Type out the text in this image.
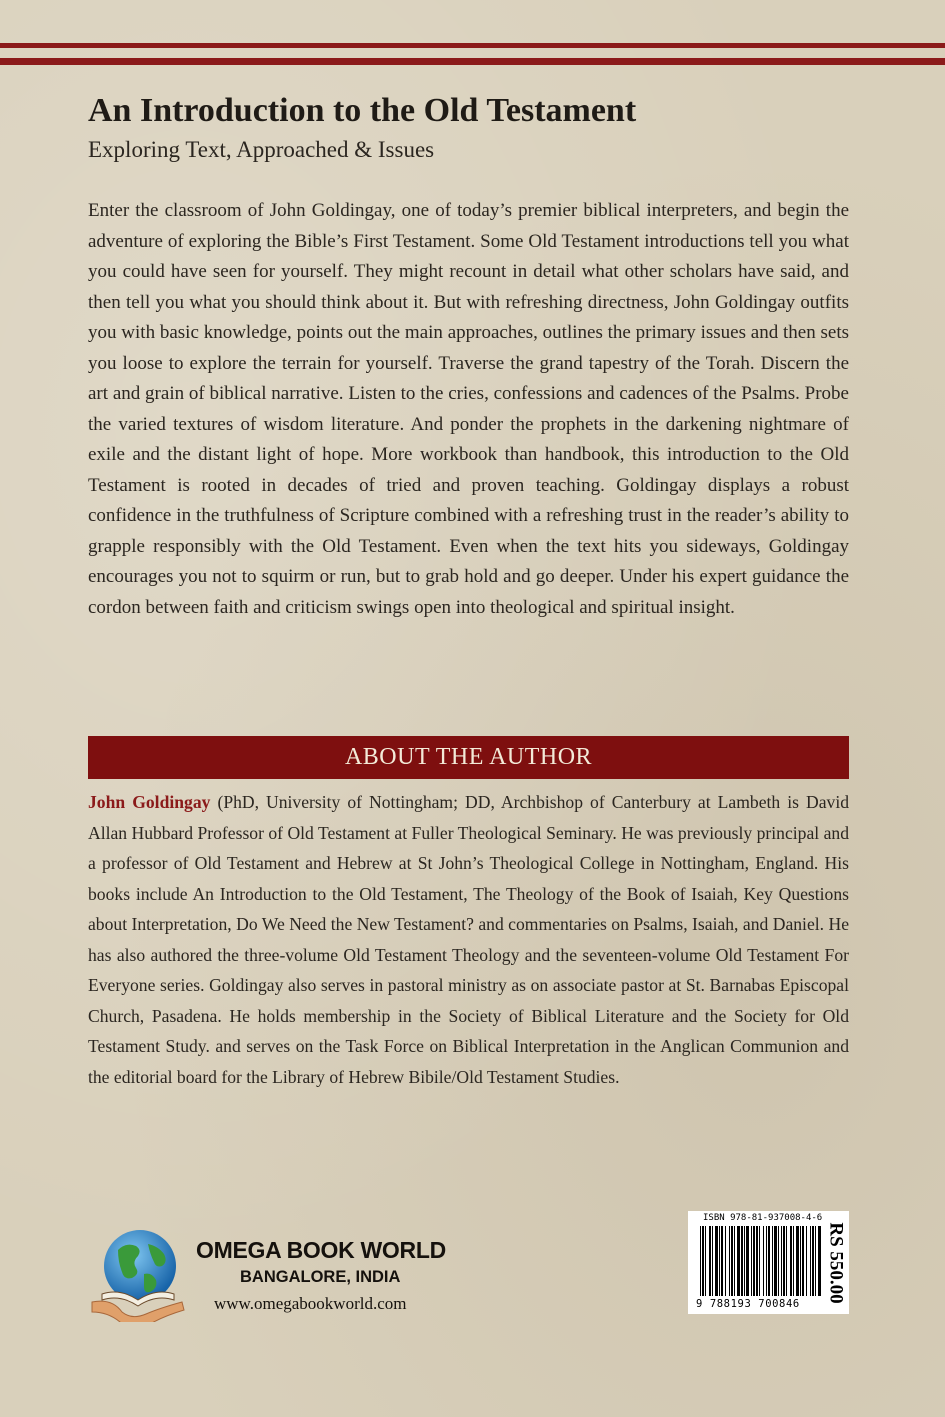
An Introduction to the Old Testament
Exploring Text, Approached & Issues

Enter the classroom of John Goldingay, one of today’s premier biblical interpreters, and begin the adventure of exploring the Bible’s First Testament. Some Old Testament introductions tell you what you could have seen for yourself. They might recount in detail what other scholars have said, and then tell you what you should think about it. But with refreshing directness, John Goldingay outfits you with basic knowledge, points out the main approaches, outlines the primary issues and then sets you loose to explore the terrain for yourself. Traverse the grand tapestry of the Torah. Discern the art and grain of biblical narrative. Listen to the cries, confessions and cadences of the Psalms. Probe the varied textures of wisdom literature. And ponder the prophets in the darkening nightmare of exile and the distant light of hope. More workbook than handbook, this introduction to the Old Testament is rooted in decades of tried and proven teaching. Goldingay displays a robust confidence in the truthfulness of Scripture combined with a refreshing trust in the reader’s ability to grapple responsibly with the Old Testament. Even when the text hits you sideways, Goldingay encourages you not to squirm or run, but to grab hold and go deeper. Under his expert guidance the cordon between faith and criticism swings open into theological and spiritual insight.

ABOUT THE AUTHOR

John Goldingay (PhD, University of Nottingham; DD, Archbishop of Canterbury at Lambeth is David Allan Hubbard Professor of Old Testament at Fuller Theological Seminary. He was previously principal and a professor of Old Testament and Hebrew at St John’s Theological College in Nottingham, England. His books include An Introduction to the Old Testament, The Theology of the Book of Isaiah, Key Questions about Interpretation, Do We Need the New Testament? and commentaries on Psalms, Isaiah, and Daniel. He has also authored the three-volume Old Testament Theology and the seventeen-volume Old Testament For Everyone series. Goldingay also serves in pastoral ministry as on associate pastor at St. Barnabas Episcopal Church, Pasadena. He holds membership in the Society of Biblical Literature and the Society for Old Testament Study. and serves on the Task Force on Biblical Interpretation in the Anglican Communion and the editorial board for the Library of Hebrew Bibile/Old Testament Studies.

OMEGA BOOK WORLD

BANGALORE, INDIA

www.omegabookworld.com

ISBN 978-81-937008-4-6
9 788193 700846
RS 550.00
